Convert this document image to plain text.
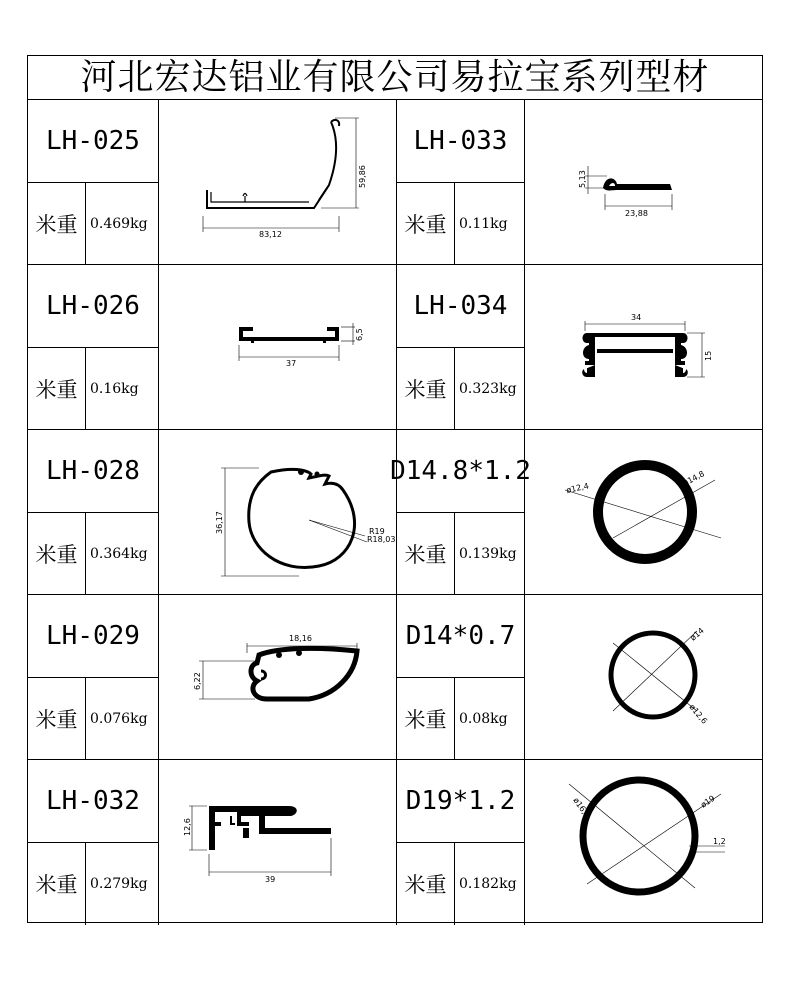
河北宏达铝业有限公司易拉宝系列型材
LH-025
米重 0.469kg
83,12
59,86
LH-033
米重 0.11kg
5,13
23,88
LH-026
米重 0.16kg
37
6,5
LH-034
米重 0.323kg
34
15
LH-028
米重 0.364kg
R19
R18,03
36,17
D14.8*1.2
米重 0.139kg
ø12,4
ø14,8
LH-029
米重 0.076kg
18,16
6,22
D14*0.7
米重 0.08kg
ø14
ø12,6
LH-032
米重 0.279kg
12,6
39
D19*1.2
米重 0.182kg
ø16,6	ø19
1,2
